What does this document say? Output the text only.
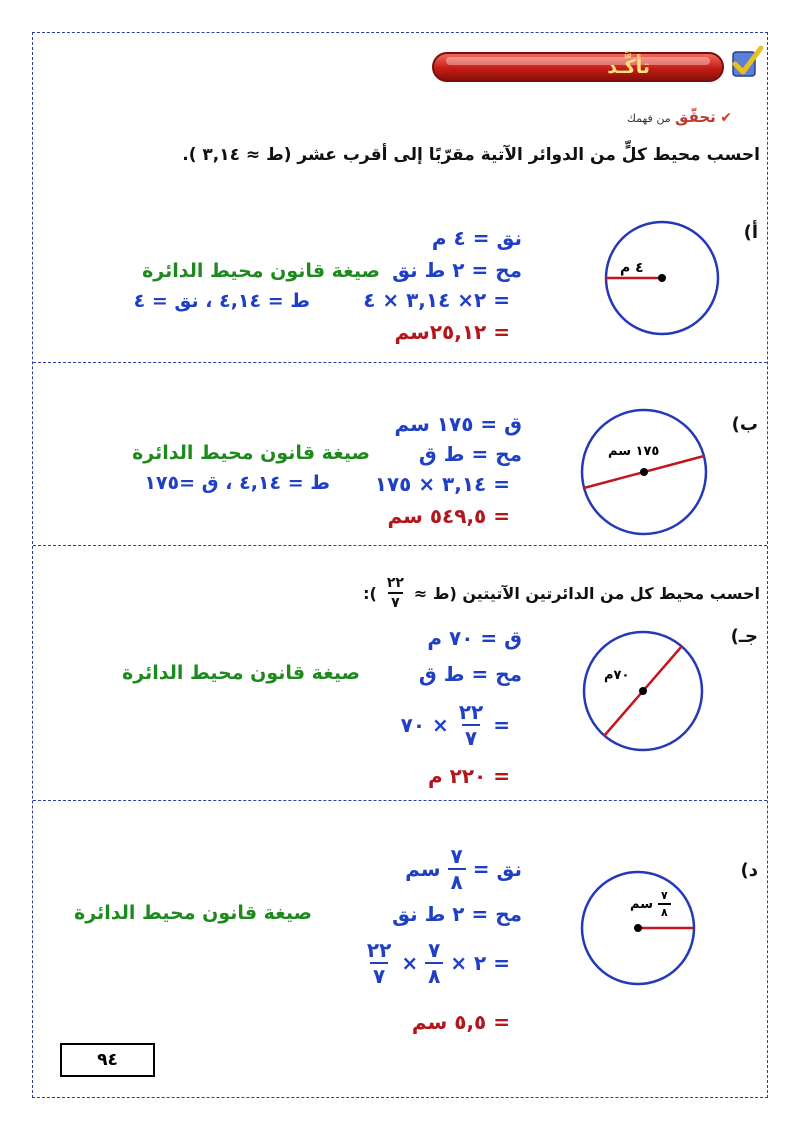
تأكَّـد
✔ تحقّق من فهمك
احسب محيط كلٍّ من الدوائر الآتية مقرّبًا إلى أقرب عشر (ط ≈ ٣,١٤ ).
أ)
٤ م
نق = ٤ م
مح = ٢ ط نق
= ٢× ٣,١٤ × ٤
= ٢٥,١٢سم
صيغة قانون محيط الدائرة
ط = ٤,١٤ ، نق = ٤
ب)
١٧٥ سم
ق = ١٧٥ سم
مح = ط ق
= ٣,١٤ × ١٧٥
= ٥٤٩,٥ سم
صيغة قانون محيط الدائرة
ط = ٤,١٤ ، ق =١٧٥
احسب محيط كل من الدائرتين الآتيتين (ط ≈
$\frac{٢٢}{٧}$
):
جـ)
٧٠م
ق = ٧٠ م
مح = ط ق
=
$\frac{٢٢}{٧}$
× ٧٠
= ٢٢٠ م
صيغة قانون محيط الدائرة
د)
$\frac{٧}{٨}$
سم
نق =
$\frac{٧}{٨}$
سم
مح = ٢ ط نق
= ٢ ×
$\frac{٧}{٨}$
×
$\frac{٢٢}{٧}$
= ٥,٥ سم
صيغة قانون محيط الدائرة
٩٤
